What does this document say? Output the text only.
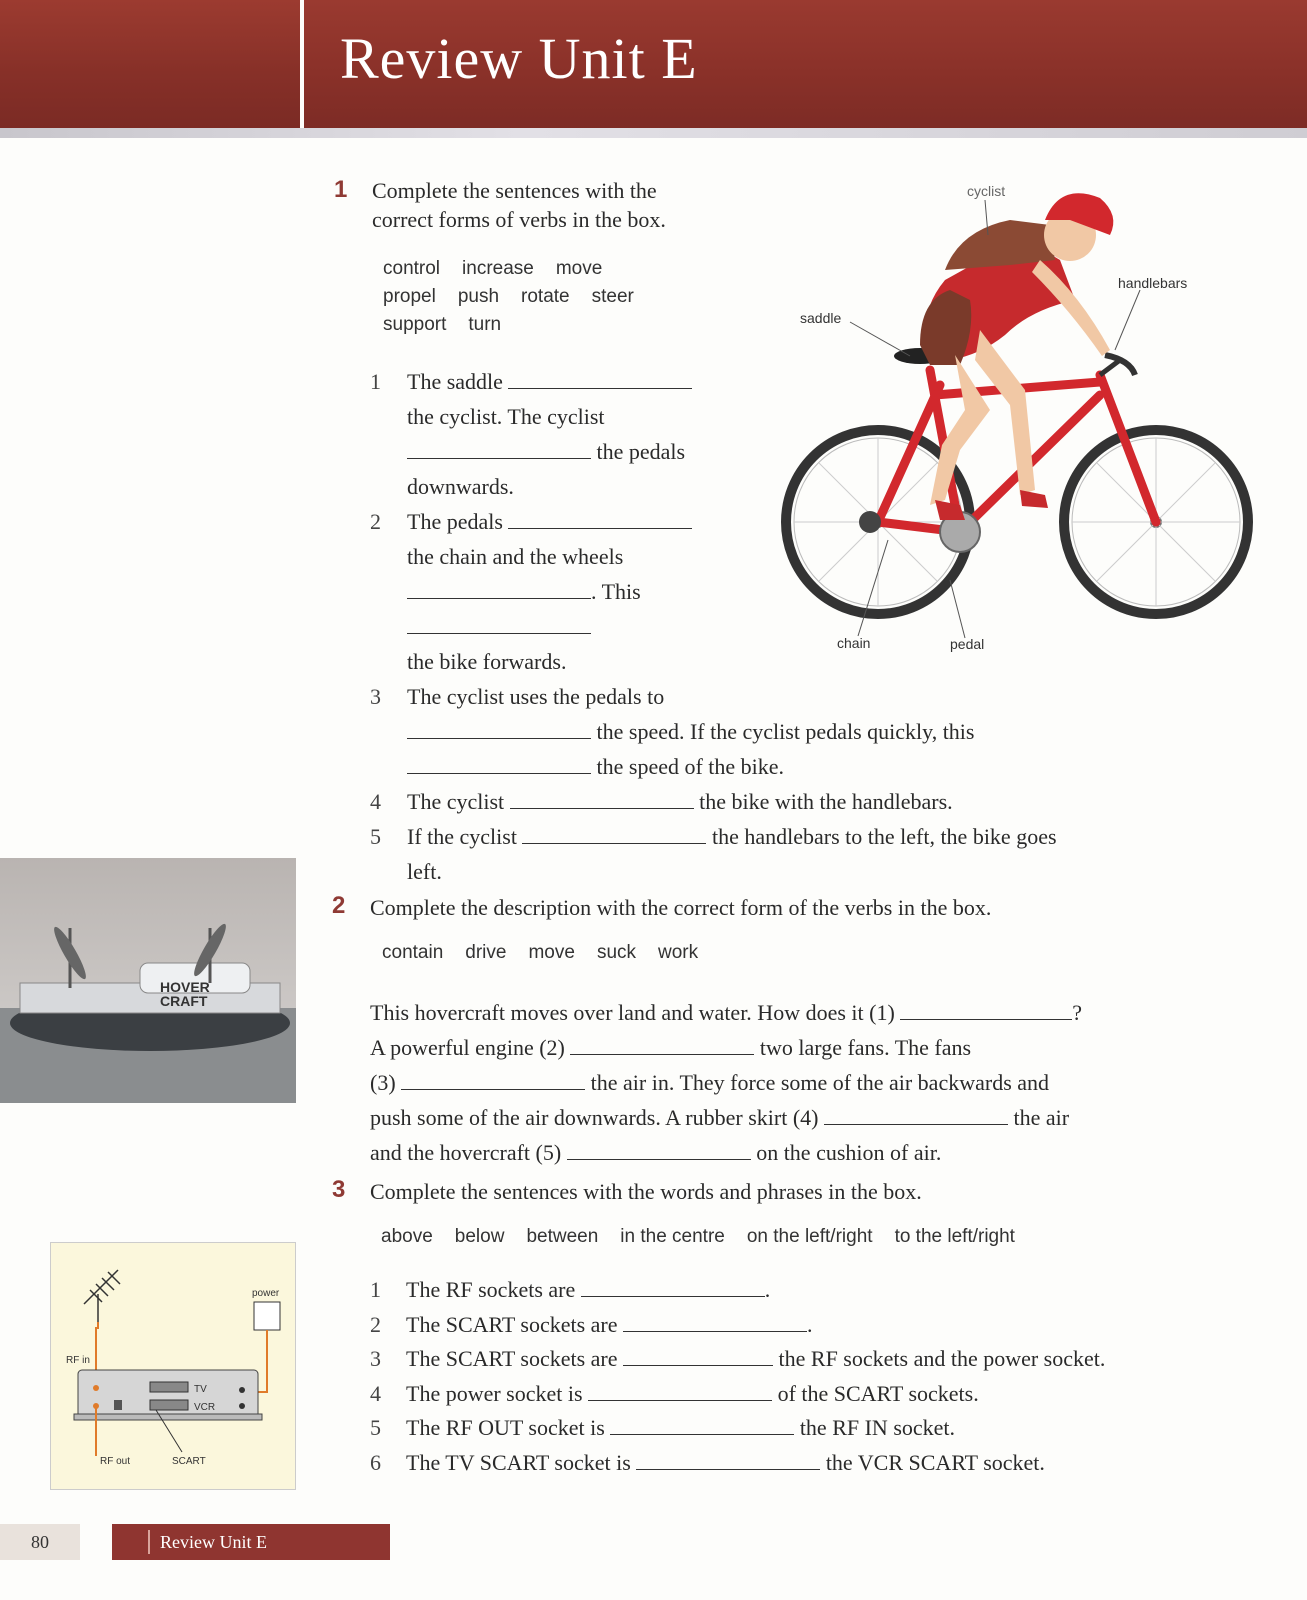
Review Unit E
1 Complete the sentences with the
correct forms of verbs in the box.
control increase move
propel push rotate steer
support turn
1	The saddle
the cyclist. The cyclist
the pedals
downwards.
2	The pedals
the chain and the wheels
. This
the bike forwards.
3	The cyclist uses the pedals to
the speed. If the cyclist pedals quickly, this
the speed of the bike.
4	The cyclist	the bike with the handlebars.
5	If the cyclist	the handlebars to the left, the bike goes
left.
cyclist
handlebars
saddle
chain	pedal
HOVER
CRAFT
2 Complete the description with the correct form of the verbs in the box.
contain drive move suck work
This hovercraft moves over land and water. How does it (1)	?
A powerful engine (2)	two large fans. The fans
(3)	the air in. They force some of the air backwards and
push some of the air downwards. A rubber skirt (4)	the air
and the hovercraft (5)	on the cushion of air.
3 Complete the sentences with the words and phrases in the box.
above below between in the centre on the left/right to the left/right
1	The RF sockets are	.
2	The SCART sockets are	.
3	The SCART sockets are	the RF sockets and the power socket.
4	The power socket is	of the SCART sockets.
5	The RF OUT socket is	the RF IN socket.
6	The TV SCART socket is	the VCR SCART socket.
power
TV
VCR
RF in
RF out	SCART
80	Review Unit E
